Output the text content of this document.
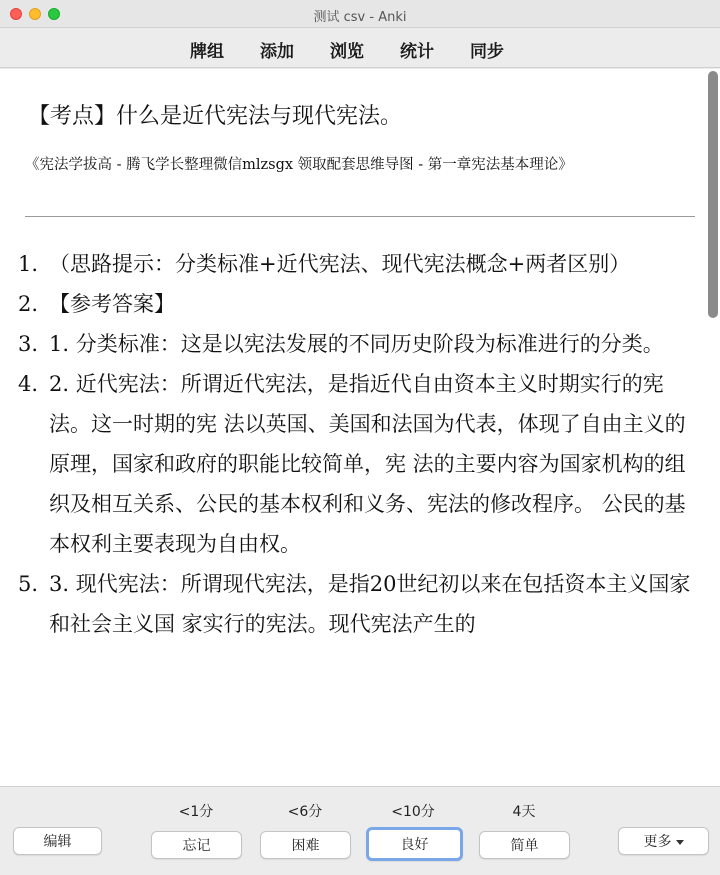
测试 csv - Anki
牌组 添加 浏览 统计 同步
【考点】什么是近代宪法与现代宪法。
《宪法学拔高 - 腾飞学长整理微信mlzsgx 领取配套思维导图 - 第一章宪法基本理论》
1. （思路提示：分类标准+近代宪法、现代宪法概念+两者区别）
2. 【参考答案】
3. 1. 分类标准：这是以宪法发展的不同历史阶段为标准进行的分类。
4. 2. 近代宪法：所谓近代宪法，是指近代自由资本主义时期实行的宪法。这一时期的宪 法以英国、美国和法国为代表，体现了自由主义的原理，国家和政府的职能比较简单，宪 法的主要内容为国家机构的组织及相互关系、公民的基本权利和义务、宪法的修改程序。 公民的基本权利主要表现为自由权。
5. 3. 现代宪法：所谓现代宪法，是指20世纪初以来在包括资本主义国家和社会主义国 家实行的宪法。现代宪法产生的
编辑
<1分	<6分	<10分	4天
忘记	困难	良好	简单	更多
